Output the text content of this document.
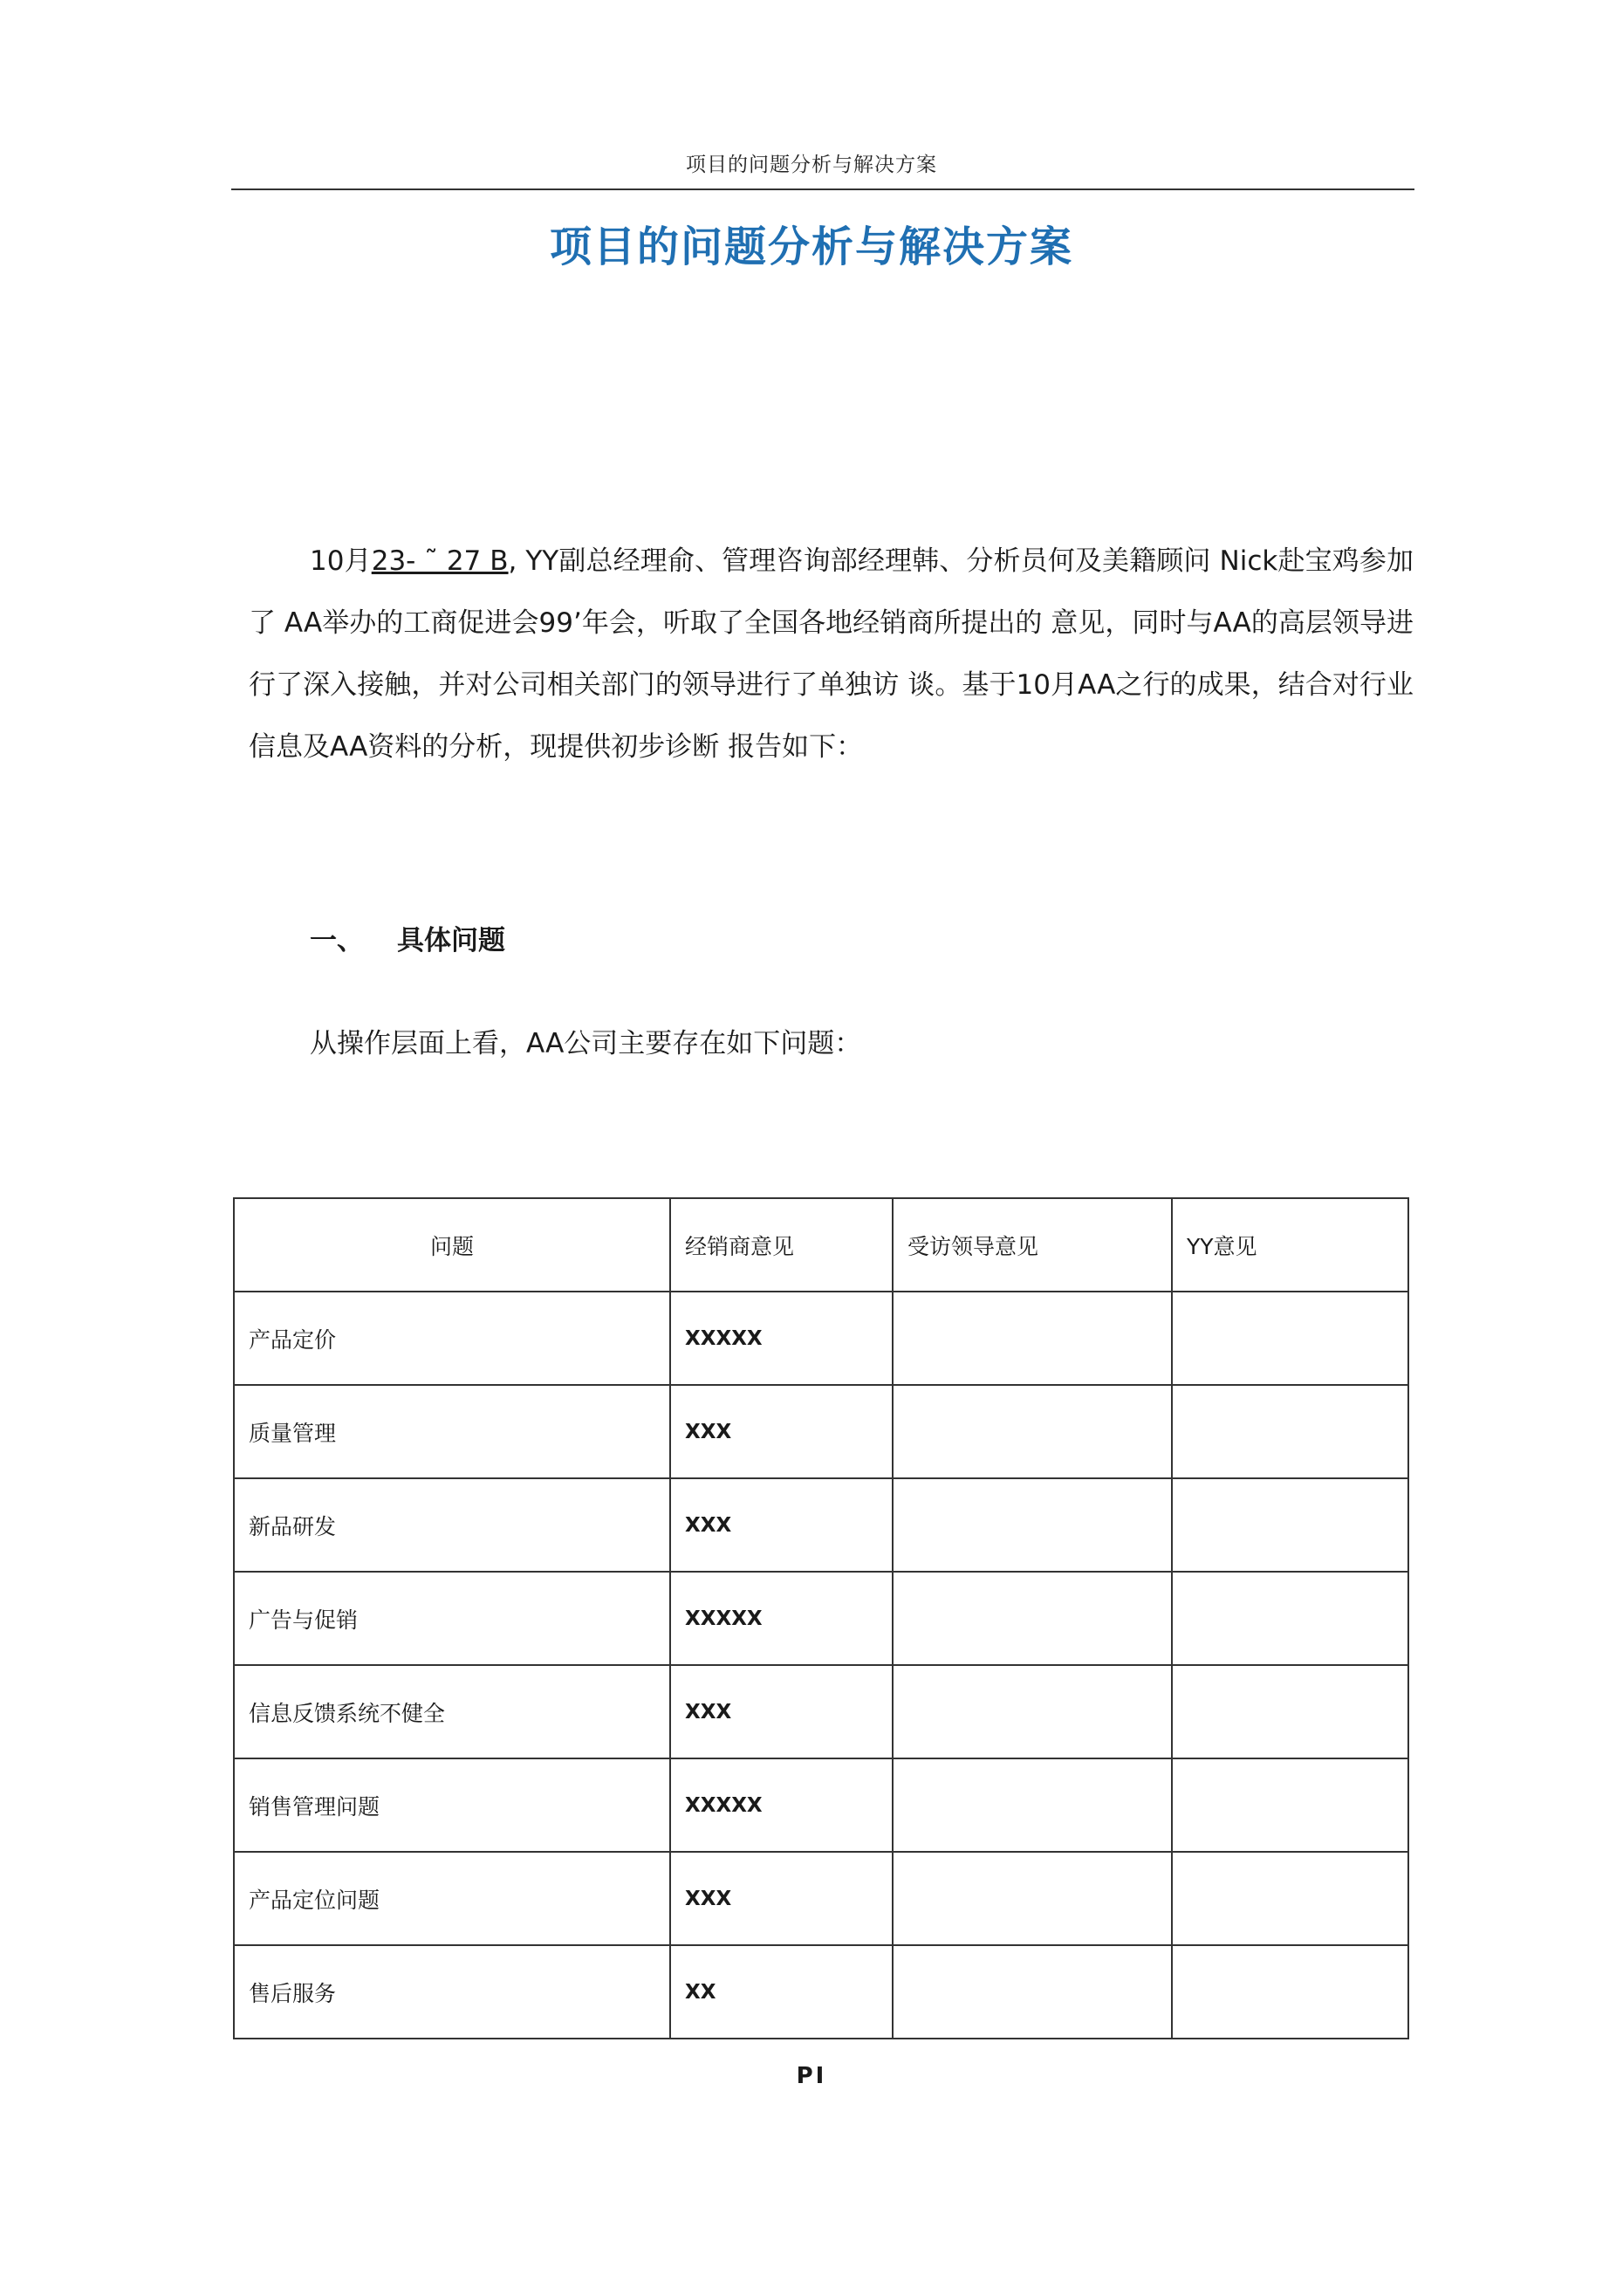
项目的问题分析与解决方案
项目的问题分析与解决方案

10月23- ˜ 27 B, YY副总经理俞、管理咨询部经理韩、分析员何及美籍顾问 Nick赴宝鸡参加了 AA举办的工商促进会99’年会，听取了全国各地经销商所提出的 意见，同时与AA的高层领导进行了深入接触，并对公司相关部门的领导进行了单独访 谈。基于10月AA之行的成果，结合对行业信息及AA资料的分析，现提供初步诊断 报告如下：

一、 具体问题

从操作层面上看，AA公司主要存在如下问题：

问题	经销商意见	受访领导意见	YY意见
产品定价	XXXXX		
质量管理	XXX		
新品研发	XXX		
广告与促销	XXXXX		
信息反馈系统不健全	XXX		
销售管理问题	XXXXX		
产品定位问题	XXX		
售后服务	XX		
PI
